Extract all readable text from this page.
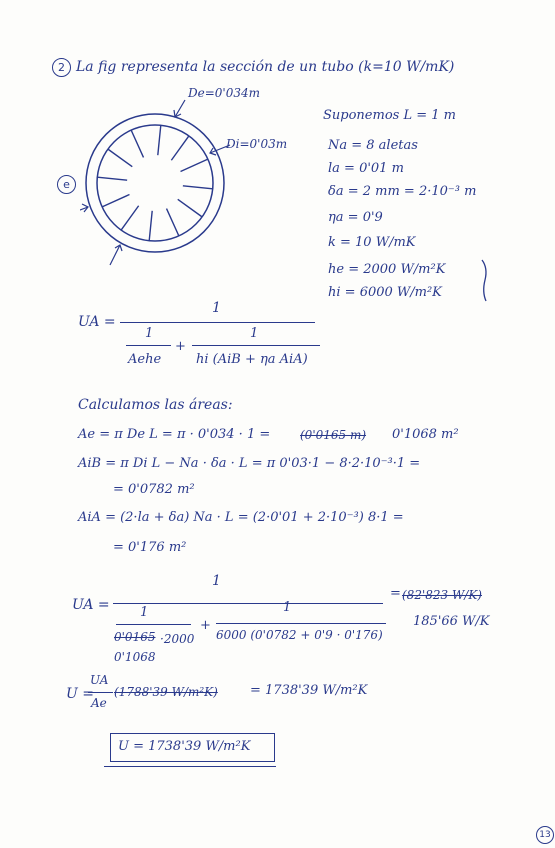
2 La fig representa la sección de un tubo (k=10 W/mK)
De=0'034m
Di=0'03m
e
Suponemos L = 1 m
Na = 8 aletas
la = 0'01 m
δa = 2 mm = 2·10⁻³ m
ηa = 0'9
k = 10 W/mK
he = 2000 W/m²K
hi = 6000 W/m²K
UA =
1
1
Aehe
+
1
hi (AiB + ηa AiA)
Calculamos las áreas:
Ae = π De L = π · 0'034 · 1 = (0'0165 m) 0'1068 m²
AiB = π Di L − Na · δa · L = π 0'03·1 − 8·2·10⁻³·1 =
= 0'0782 m²
AiA = (2·la + δa) Na · L = (2·0'01 + 2·10⁻³) 8·1 =
= 0'176 m²
UA =
1
1
0'0165 ·2000
0'1068
+
1
6000 (0'0782 + 0'9 · 0'176)
= (82'823 W/K)
185'66 W/K
U =
UA
Ae
(1788'39 W/m²K) = 1738'39 W/m²K
U = 1738'39 W/m²K
13
